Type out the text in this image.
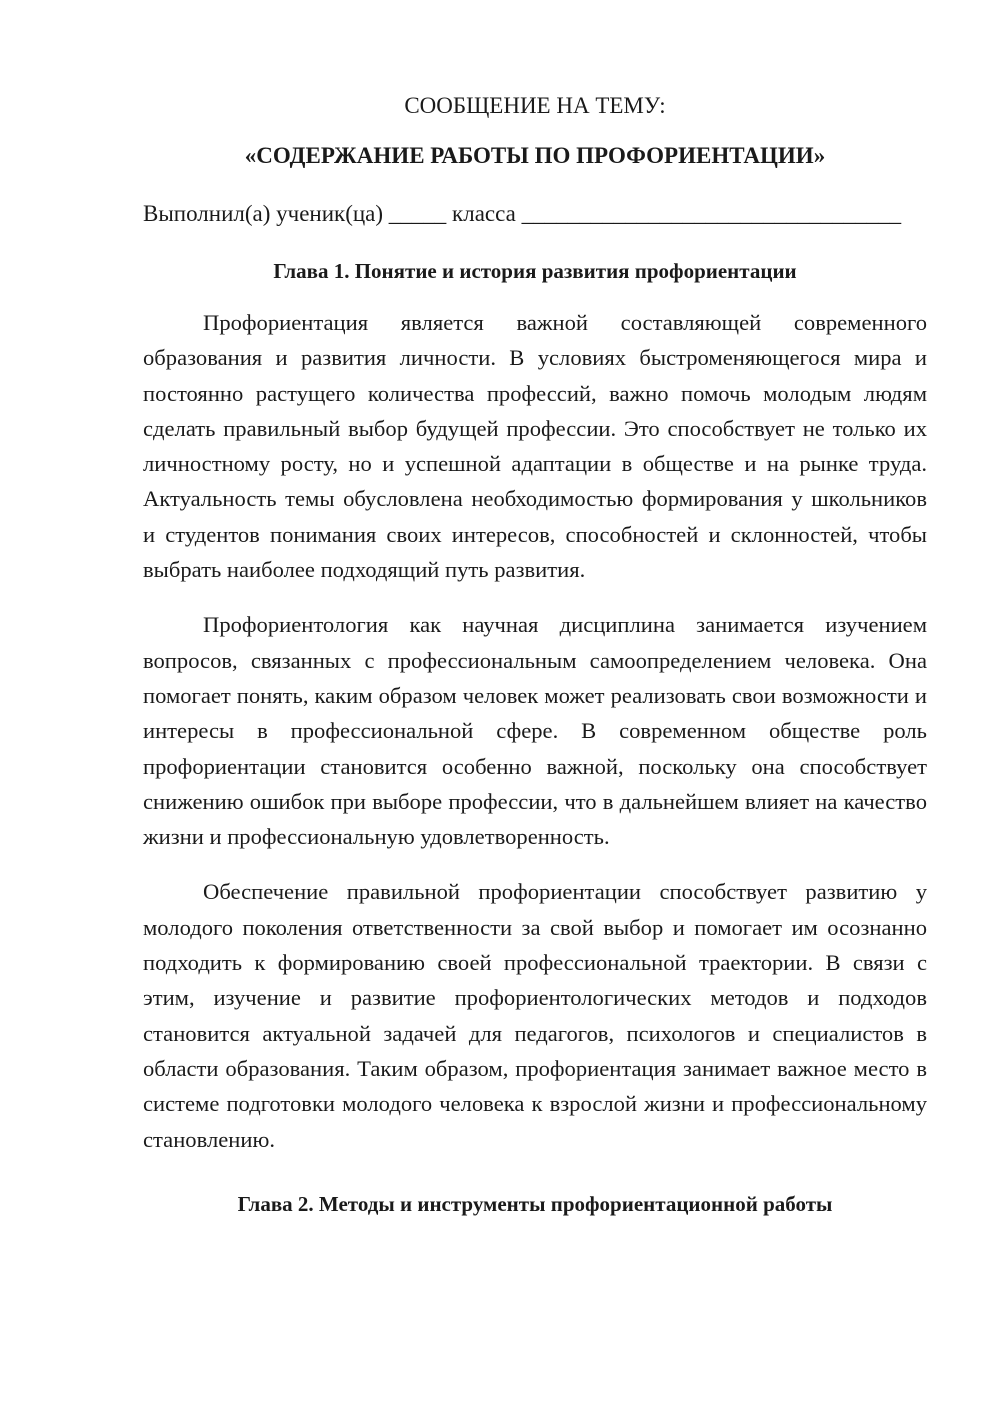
СООБЩЕНИЕ НА ТЕМУ:
«СОДЕРЖАНИЕ РАБОТЫ ПО ПРОФОРИЕНТАЦИИ»

Выполнил(а) ученик(ца) _____ класса _________________________________

Глава 1. Понятие и история развития профориентации

Профориентация является важной составляющей современного образования и развития личности. В условиях быстроменяющегося мира и постоянно растущего количества профессий, важно помочь молодым людям сделать правильный выбор будущей профессии. Это способствует не только их личностному росту, но и успешной адаптации в обществе и на рынке труда. Актуальность темы обусловлена необходимостью формирования у школьников и студентов понимания своих интересов, способностей и склонностей, чтобы выбрать наиболее подходящий путь развития.

Профориентология как научная дисциплина занимается изучением вопросов, связанных с профессиональным самоопределением человека. Она помогает понять, каким образом человек может реализовать свои возможности и интересы в профессиональной сфере. В современном обществе роль профориентации становится особенно важной, поскольку она способствует снижению ошибок при выборе профессии, что в дальнейшем влияет на качество жизни и профессиональную удовлетворенность.

Обеспечение правильной профориентации способствует развитию у молодого поколения ответственности за свой выбор и помогает им осознанно подходить к формированию своей профессиональной траектории. В связи с этим, изучение и развитие профориентологических методов и подходов становится актуальной задачей для педагогов, психологов и специалистов в области образования. Таким образом, профориентация занимает важное место в системе подготовки молодого человека к взрослой жизни и профессиональному становлению.

Глава 2. Методы и инструменты профориентационной работы
